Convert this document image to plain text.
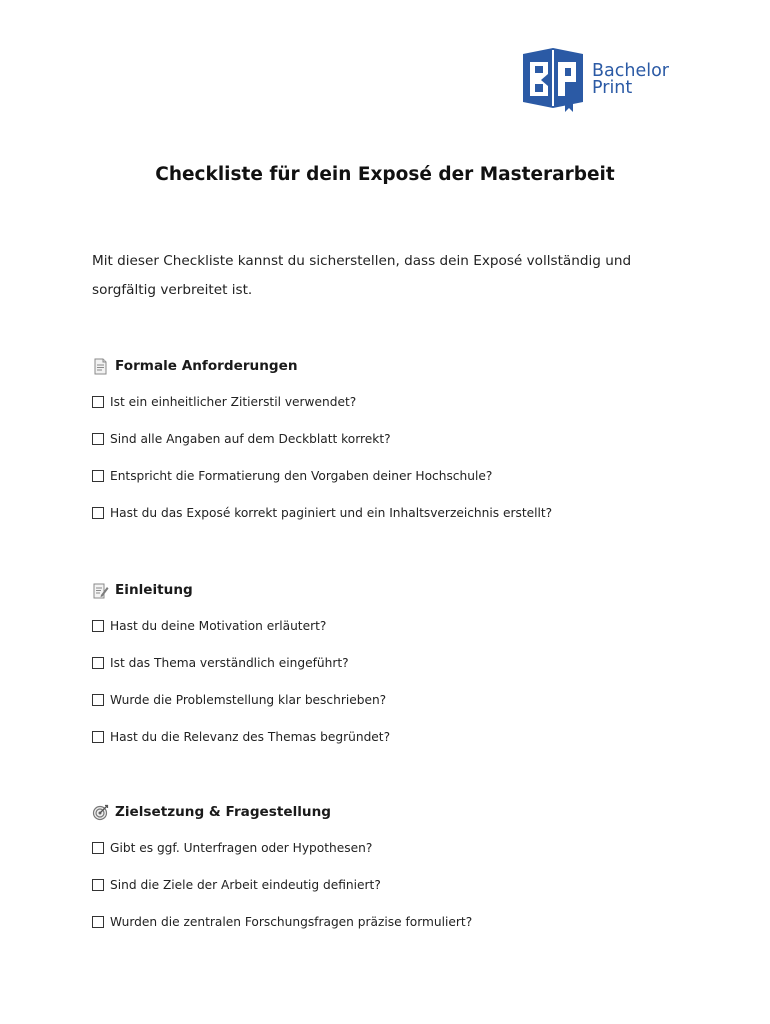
Bachelor
Print
Checkliste für dein Exposé der Masterarbeit
Mit dieser Checkliste kannst du sicherstellen, dass dein Exposé vollständig und sorgfältig verbreitet ist.
Formale Anforderungen
Ist ein einheitlicher Zitierstil verwendet?
Sind alle Angaben auf dem Deckblatt korrekt?
Entspricht die Formatierung den Vorgaben deiner Hochschule?
Hast du das Exposé korrekt paginiert und ein Inhaltsverzeichnis erstellt?
Einleitung
Hast du deine Motivation erläutert?
Ist das Thema verständlich eingeführt?
Wurde die Problemstellung klar beschrieben?
Hast du die Relevanz des Themas begründet?
Zielsetzung & Fragestellung
Gibt es ggf. Unterfragen oder Hypothesen?
Sind die Ziele der Arbeit eindeutig definiert?
Wurden die zentralen Forschungsfragen präzise formuliert?
